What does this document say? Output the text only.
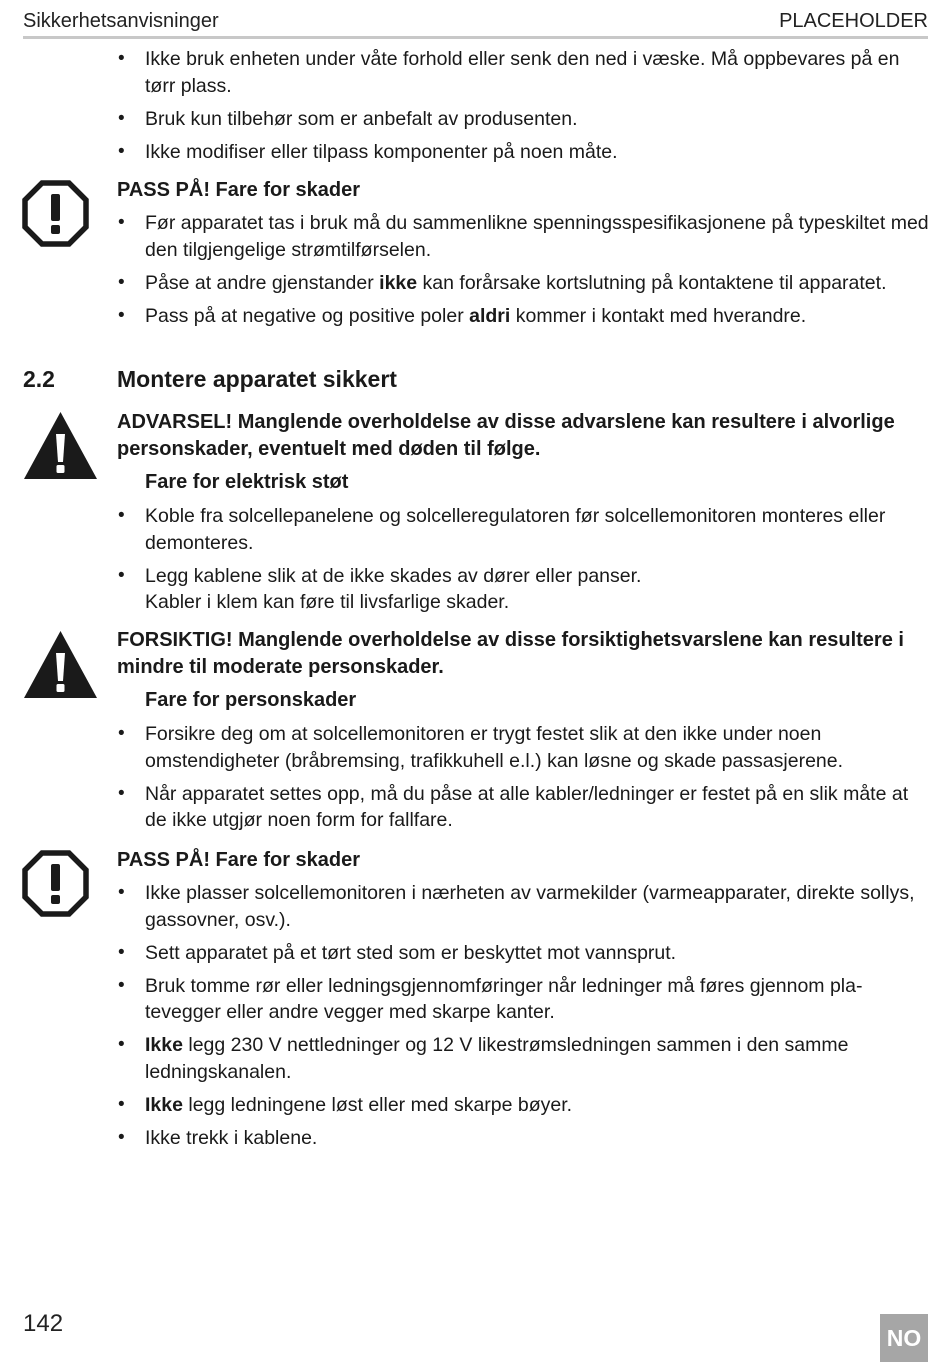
Sikkerhetsanvisninger	PLACEHOLDER
• Ikke bruk enheten under våte forhold eller senk den ned i væske. Må oppbevares på en tørr plass.
• Bruk kun tilbehør som er anbefalt av produsenten.
• Ikke modifiser eller tilpass komponenter på noen måte.
PASS PÅ! Fare for skader
• Før apparatet tas i bruk må du sammenlikne spenningsspesifikasjonene på typeskiltet med den tilgjengelige strømtilførselen.
• Påse at andre gjenstander ikke kan forårsake kortslutning på kontaktene til apparatet.
• Pass på at negative og positive poler aldri kommer i kontakt med hverandre.
2.2	Montere apparatet sikkert
ADVARSEL! Manglende overholdelse av disse advarslene kan resultere i alvorlige personskader, eventuelt med døden til følge.
Fare for elektrisk støt
• Koble fra solcellepanelene og solcelleregulatoren før solcellemonitoren monteres eller demonteres.
• Legg kablene slik at de ikke skades av dører eller panser.
Kabler i klem kan føre til livsfarlige skader.
FORSIKTIG! Manglende overholdelse av disse forsiktighetsvarslene kan resultere i mindre til moderate personskader.
Fare for personskader
• Forsikre deg om at solcellemonitoren er trygt festet slik at den ikke under noen omstendigheter (bråbremsing, trafikkuhell e.l.) kan løsne og skade passasjerene.
• Når apparatet settes opp, må du påse at alle kabler/ledninger er festet på en slik måte at de ikke utgjør noen form for fallfare.
PASS PÅ! Fare for skader
• Ikke plasser solcellemonitoren i nærheten av varmekilder (varmeapparater, direkte sollys, gassovner, osv.).
• Sett apparatet på et tørt sted som er beskyttet mot vannsprut.
• Bruk tomme rør eller ledningsgjennomføringer når ledninger må føres gjennom pla-tevegger eller andre vegger med skarpe kanter.
• Ikke legg 230 V nettledninger og 12 V likestrømsledningen sammen i den samme ledningskanalen.
• Ikke legg ledningene løst eller med skarpe bøyer.
• Ikke trekk i kablene.
142
NO
